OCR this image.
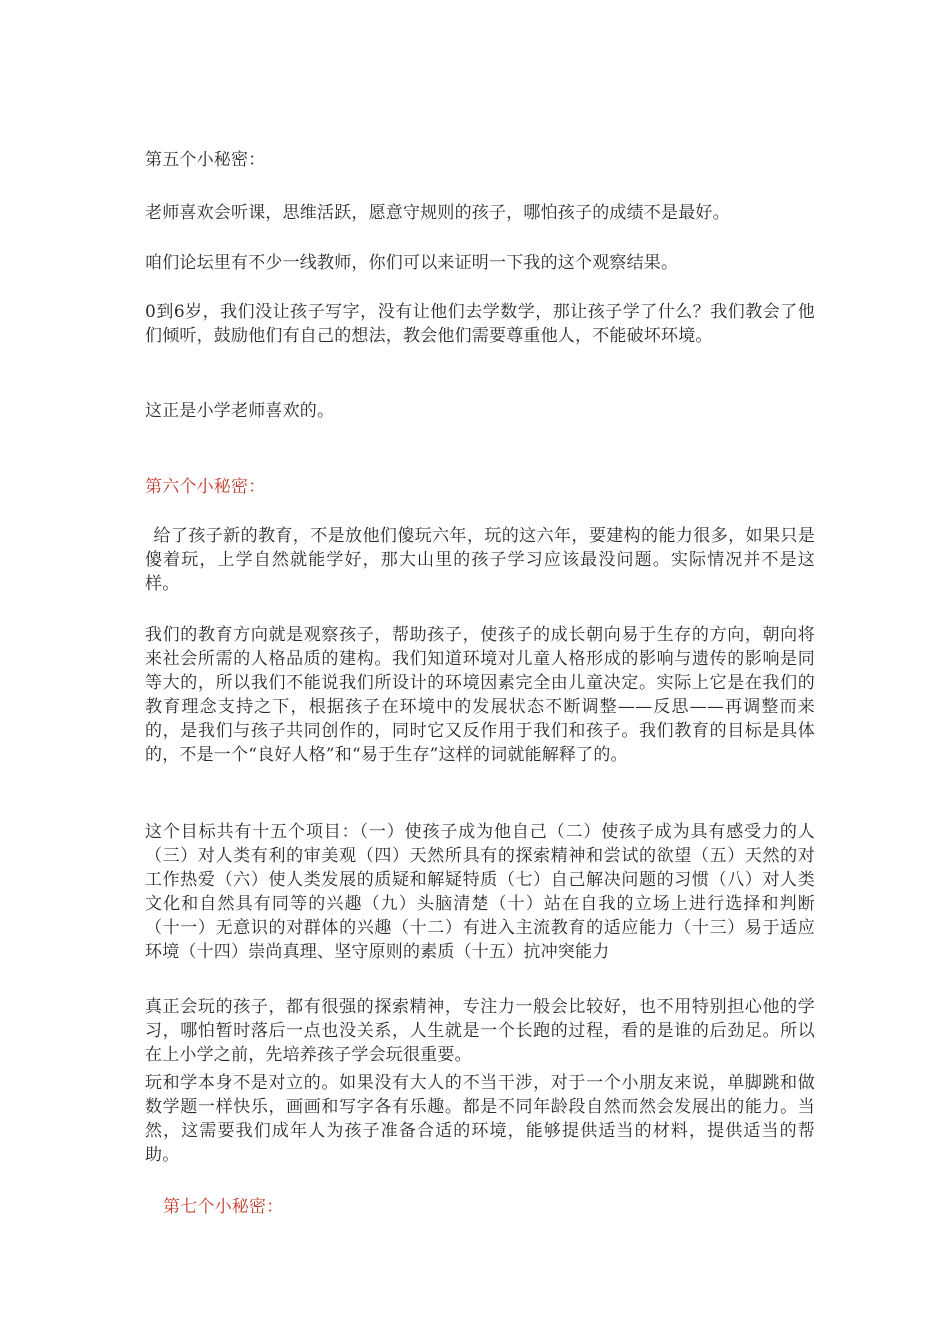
第五个小秘密：

老师喜欢会听课，思维活跃，愿意守规则的孩子，哪怕孩子的成绩不是最好。

咱们论坛里有不少一线教师，你们可以来证明一下我的这个观察结果。

0到6岁，我们没让孩子写字，没有让他们去学数学，那让孩子学了什么？我们教会了他们倾听，鼓励他们有自己的想法，教会他们需要尊重他人，不能破坏环境。

这正是小学老师喜欢的。

第六个小秘密：

给了孩子新的教育，不是放他们傻玩六年，玩的这六年，要建构的能力很多，如果只是傻着玩，上学自然就能学好，那大山里的孩子学习应该最没问题。实际情况并不是这样。

我们的教育方向就是观察孩子，帮助孩子，使孩子的成长朝向易于生存的方向，朝向将来社会所需的人格品质的建构。我们知道环境对儿童人格形成的影响与遗传的影响是同等大的，所以我们不能说我们所设计的环境因素完全由儿童决定。实际上它是在我们的教育理念支持之下，根据孩子在环境中的发展状态不断调整——反思——再调整而来的，是我们与孩子共同创作的，同时它又反作用于我们和孩子。我们教育的目标是具体的，不是一个“良好人格”和“易于生存”这样的词就能解释了的。

这个目标共有十五个项目：（一）使孩子成为他自己（二）使孩子成为具有感受力的人（三）对人类有利的审美观（四）天然所具有的探索精神和尝试的欲望（五）天然的对工作热爱（六）使人类发展的质疑和解疑特质（七）自己解决问题的习惯（八）对人类文化和自然具有同等的兴趣（九）头脑清楚（十）站在自我的立场上进行选择和判断（十一）无意识的对群体的兴趣（十二）有进入主流教育的适应能力（十三）易于适应环境（十四）崇尚真理、坚守原则的素质（十五）抗冲突能力

真正会玩的孩子，都有很强的探索精神，专注力一般会比较好，也不用特别担心他的学习，哪怕暂时落后一点也没关系，人生就是一个长跑的过程，看的是谁的后劲足。所以在上小学之前，先培养孩子学会玩很重要。

玩和学本身不是对立的。如果没有大人的不当干涉，对于一个小朋友来说，单脚跳和做数学题一样快乐，画画和写字各有乐趣。都是不同年龄段自然而然会发展出的能力。当然，这需要我们成年人为孩子准备合适的环境，能够提供适当的材料，提供适当的帮助。

第七个小秘密：
